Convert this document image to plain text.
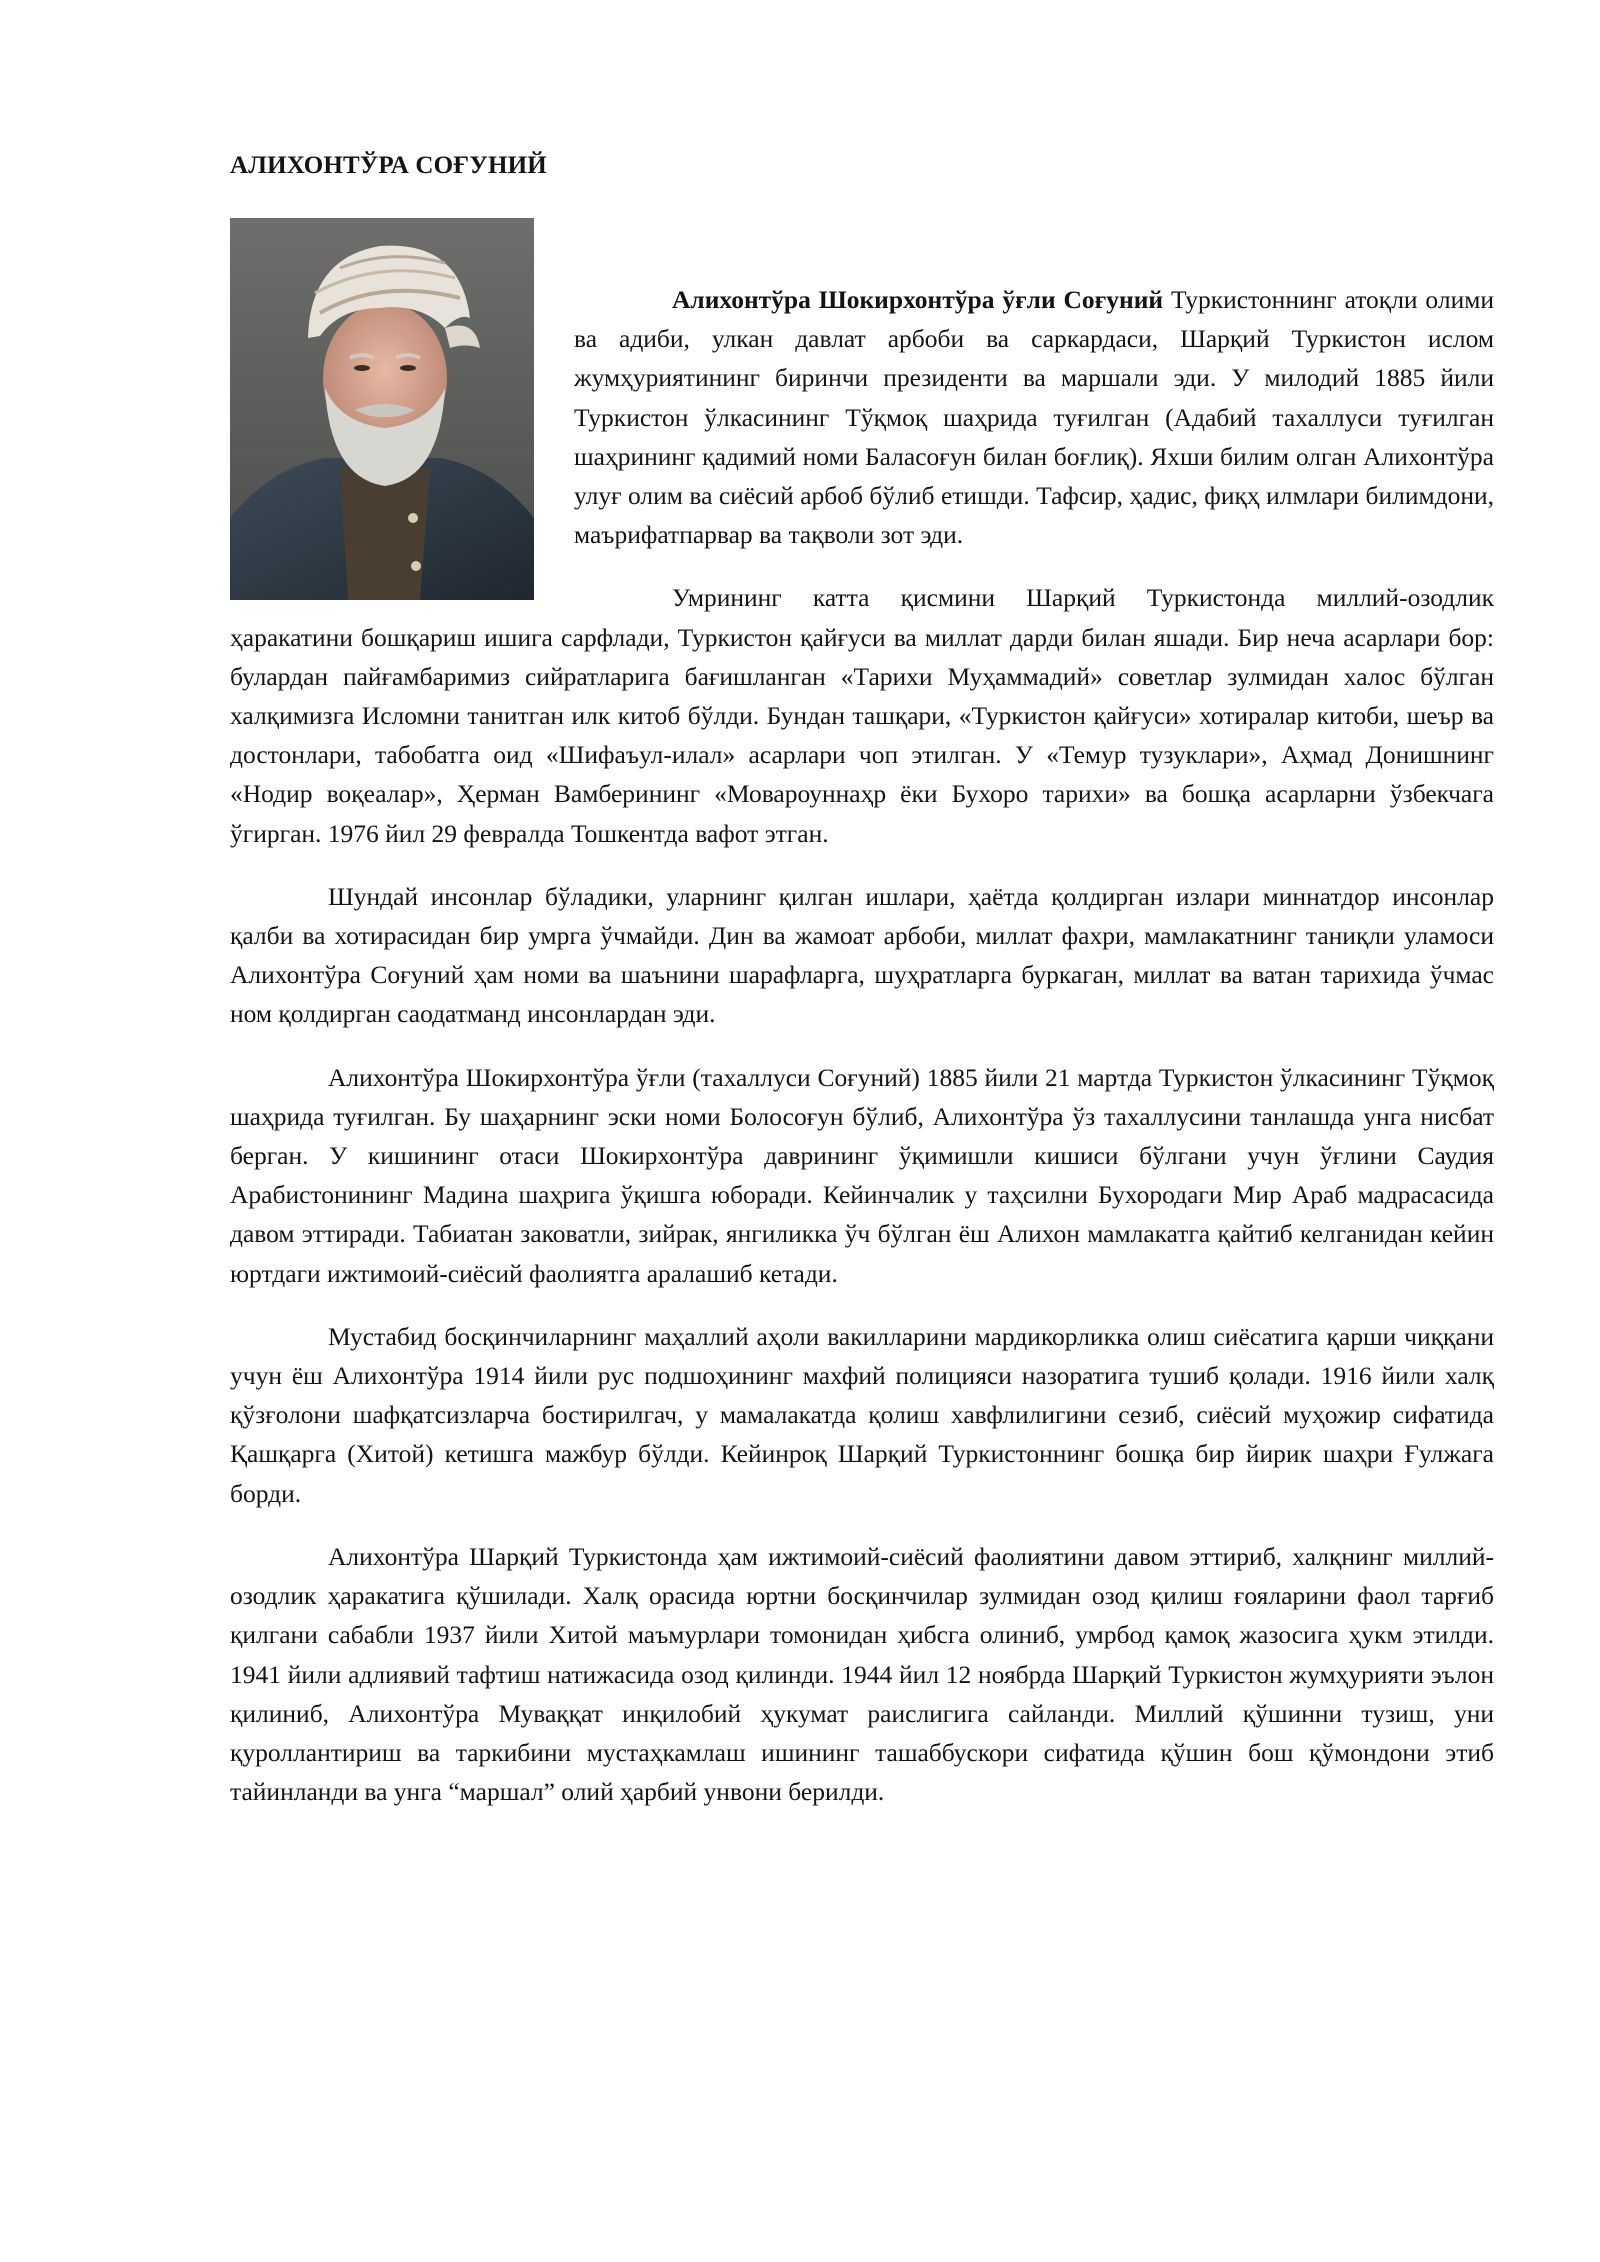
АЛИХОНТЎРА СОҒУНИЙ

Алихонтўра Шокирхонтўра ўғли Соғуний Туркистоннинг атоқли олими ва адиби, улкан давлат арбоби ва саркардаси, Шарқий Туркистон ислом жумҳуриятининг биринчи президенти ва маршали эди. У милодий 1885 йили Туркистон ўлкасининг Тўқмоқ шаҳрида туғилган (Адабий тахаллуси туғилган шаҳрининг қадимий номи Баласоғун билан боғлиқ). Яхши билим олган Алихонтўра улуғ олим ва сиёсий арбоб бўлиб етишди. Тафсир, ҳадис, фиқҳ илмлари билимдони, маърифатпарвар ва тақволи зот эди.

Умрининг катта қисмини Шарқий Туркистонда миллий-озодлик ҳаракатини бошқариш ишига сарфлади, Туркистон қайғуси ва миллат дарди билан яшади. Бир неча асарлари бор: булардан пайғамбаримиз сийратларига бағишланган «Тарихи Муҳаммадий» советлар зулмидан халос бўлган халқимизга Исломни танитган илк китоб бўлди. Бундан ташқари, «Туркистон қайғуси» хотиралар китоби, шеър ва достонлари, табобатга оид «Шифаъул-илал» асарлари чоп этилган. У «Темур тузуклари», Аҳмад Донишнинг «Нодир воқеалар», Ҳерман Вамберининг «Мовароуннаҳр ёки Бухоро тарихи» ва бошқа асарларни ўзбекчага ўгирган. 1976 йил 29 февралда Тошкентда вафот этган.

Шундай инсонлар бўладики, уларнинг қилган ишлари, ҳаётда қолдирган излари миннатдор инсонлар қалби ва хотирасидан бир умрга ўчмайди. Дин ва жамоат арбоби, миллат фахри, мамлакатнинг таниқли уламоси Алихонтўра Соғуний ҳам номи ва шаънини шарафларга, шуҳратларга буркаган, миллат ва ватан тарихида ўчмас ном қолдирган саодатманд инсонлардан эди.

Алихонтўра Шокирхонтўра ўғли (тахаллуси Соғуний) 1885 йили 21 мартда Туркистон ўлкасининг Тўқмоқ шаҳрида туғилган. Бу шаҳарнинг эски номи Болосоғун бўлиб, Алихонтўра ўз тахаллусини танлашда унга нисбат берган. У кишининг отаси Шокирхонтўра даврининг ўқимишли кишиси бўлгани учун ўғлини Саудия Арабистонининг Мадина шаҳрига ўқишга юборади. Кейинчалик у таҳсилни Бухородаги Мир Араб мадрасасида давом эттиради. Табиатан заковатли, зийрак, янгиликка ўч бўлган ёш Алихон мамлакатга қайтиб келганидан кейин юртдаги ижтимоий-сиёсий фаолиятга аралашиб кетади.

Мустабид босқинчиларнинг маҳаллий аҳоли вакилларини мардикорликка олиш сиёсатига қарши чиққани учун ёш Алихонтўра 1914 йили рус подшоҳининг махфий полицияси назоратига тушиб қолади. 1916 йили халқ қўзғолони шафқатсизларча бостирилгач, у мамалакатда қолиш хавфлилигини сезиб, сиёсий муҳожир сифатида Қашқарга (Хитой) кетишга мажбур бўлди. Кейинроқ Шарқий Туркистоннинг бошқа бир йирик шаҳри Ғулжага борди.

Алихонтўра Шарқий Туркистонда ҳам ижтимоий-сиёсий фаолиятини давом эттириб, халқнинг миллий-озодлик ҳаракатига қўшилади. Халқ орасида юртни босқинчилар зулмидан озод қилиш ғояларини фаол тарғиб қилгани сабабли 1937 йили Хитой маъмурлари томонидан ҳибсга олиниб, умрбод қамоқ жазосига ҳукм этилди. 1941 йили адлиявий тафтиш натижасида озод қилинди. 1944 йил 12 ноябрда Шарқий Туркистон жумҳурияти эълон қилиниб, Алихонтўра Муваққат инқилобий ҳукумат раислигига сайланди. Миллий қўшинни тузиш, уни қуроллантириш ва таркибини мустаҳкамлаш ишининг ташаббускори сифатида қўшин бош қўмондони этиб тайинланди ва унга “маршал” олий ҳарбий унвони берилди.
